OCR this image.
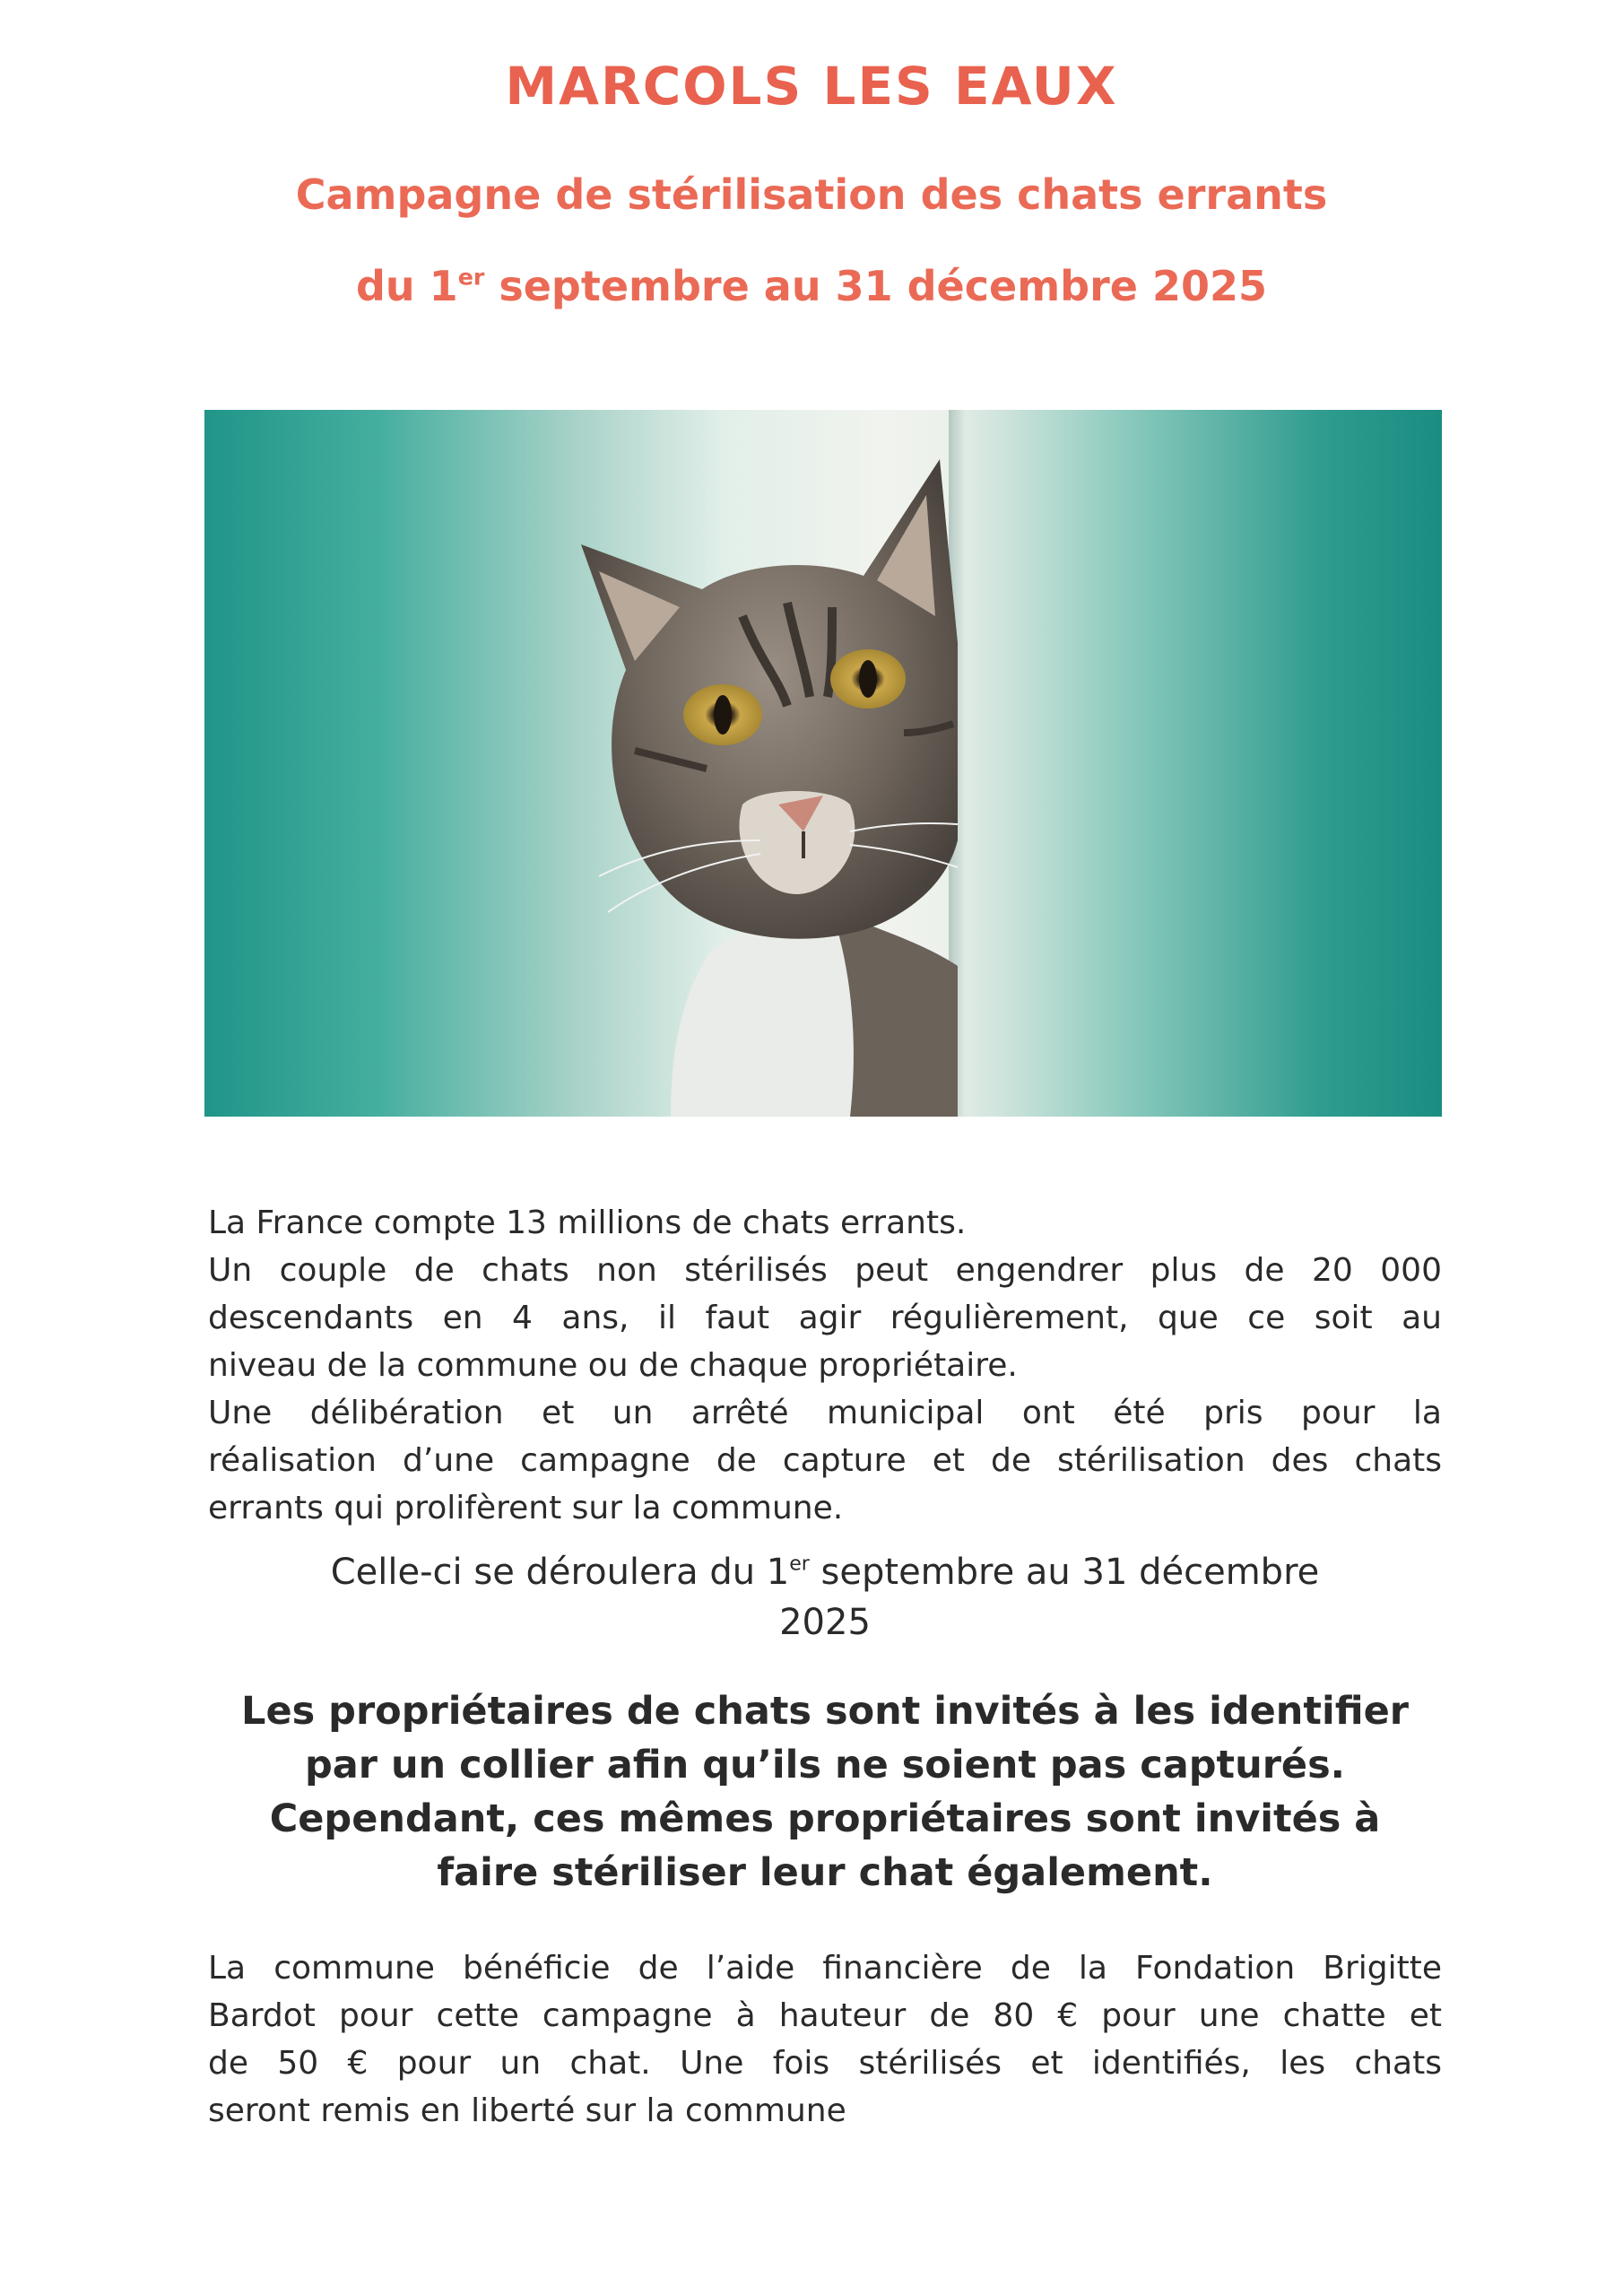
MARCOLS LES EAUX
Campagne de stérilisation des chats errants
du 1er septembre au 31 décembre 2025
La France compte 13 millions de chats errants.
Un couple de chats non stérilisés peut engendrer plus de 20 000
descendants en 4 ans, il faut agir régulièrement, que ce soit au
niveau de la commune ou de chaque propriétaire.
Une délibération et un arrêté municipal ont été pris pour la
réalisation d’une campagne de capture et de stérilisation des chats
errants qui prolifèrent sur la commune.
Celle-ci se déroulera du 1er septembre au 31 décembre
2025
Les propriétaires de chats sont invités à les identifier
par un collier afin qu’ils ne soient pas capturés.
Cependant, ces mêmes propriétaires sont invités à
faire stériliser leur chat également.
La commune bénéficie de l’aide financière de la Fondation Brigitte
Bardot pour cette campagne à hauteur de 80 € pour une chatte et
de 50 € pour un chat. Une fois stérilisés et identifiés, les chats
seront remis en liberté sur la commune
